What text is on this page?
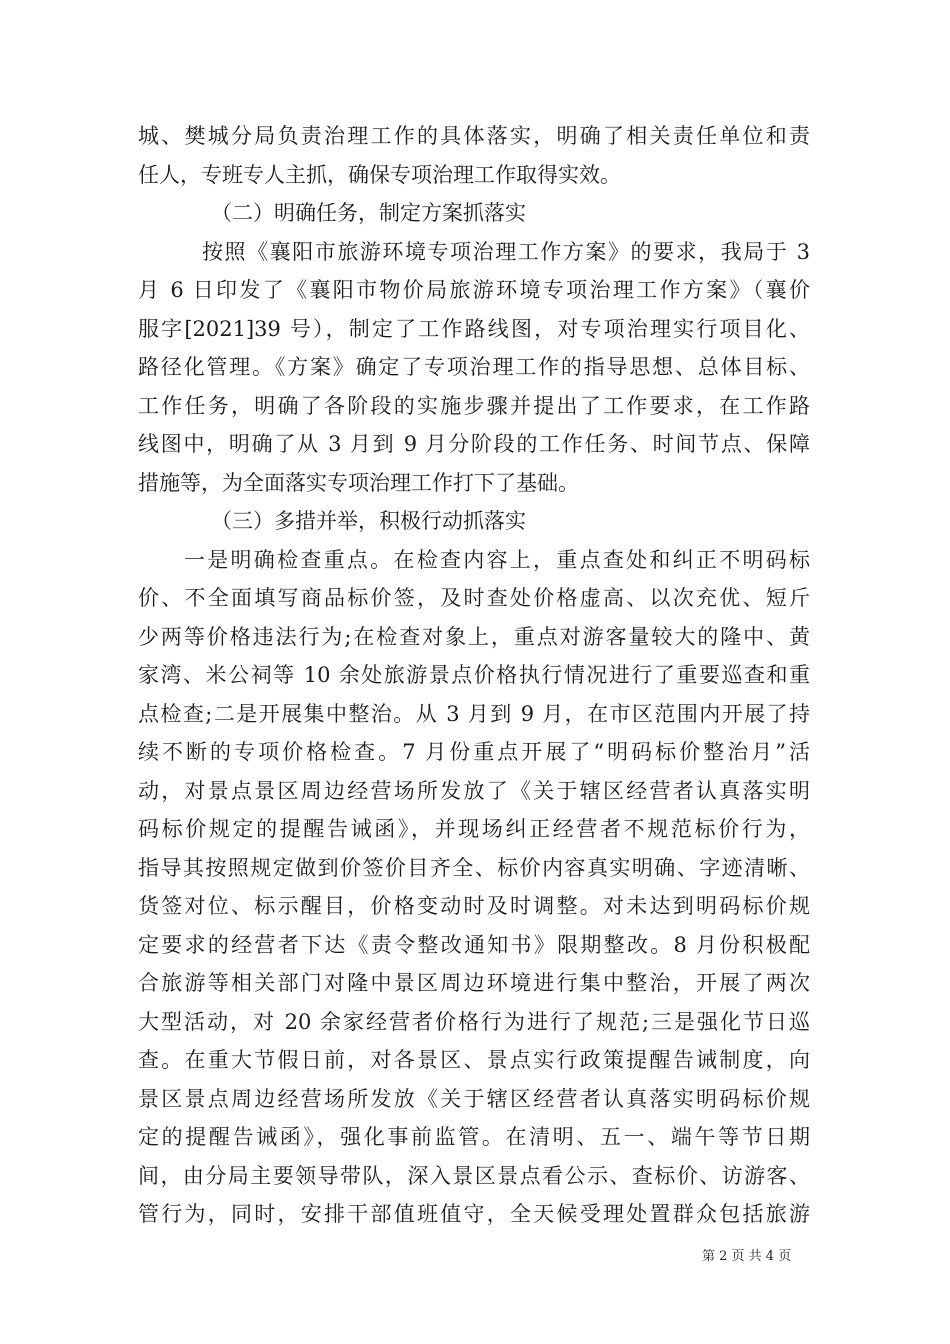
城、樊城分局负责治理工作的具体落实，明确了相关责任单位和责
任人，专班专人主抓，确保专项治理工作取得实效。
（二）明确任务，制定方案抓落实
按照《襄阳市旅游环境专项治理工作方案》的要求，我局于 3
月 6 日印发了《襄阳市物价局旅游环境专项治理工作方案》（襄价
服字[2021]39 号），制定了工作路线图，对专项治理实行项目化、
路径化管理。《方案》确定了专项治理工作的指导思想、总体目标、
工作任务，明确了各阶段的实施步骤并提出了工作要求，在工作路
线图中，明确了从 3 月到 9 月分阶段的工作任务、时间节点、保障
措施等，为全面落实专项治理工作打下了基础。
（三）多措并举，积极行动抓落实
一是明确检查重点。在检查内容上，重点查处和纠正不明码标
价、不全面填写商品标价签，及时查处价格虚高、以次充优、短斤
少两等价格违法行为;在检查对象上，重点对游客量较大的隆中、黄
家湾、米公祠等 10 余处旅游景点价格执行情况进行了重要巡查和重
点检查;二是开展集中整治。从 3 月到 9 月，在市区范围内开展了持
续不断的专项价格检查。7 月份重点开展了“明码标价整治月”活
动，对景点景区周边经营场所发放了《关于辖区经营者认真落实明
码标价规定的提醒告诫函》，并现场纠正经营者不规范标价行为，
指导其按照规定做到价签价目齐全、标价内容真实明确、字迹清晰、
货签对位、标示醒目，价格变动时及时调整。对未达到明码标价规
定要求的经营者下达《责令整改通知书》限期整改。8 月份积极配
合旅游等相关部门对隆中景区周边环境进行集中整治，开展了两次
大型活动，对 20 余家经营者价格行为进行了规范;三是强化节日巡
查。在重大节假日前，对各景区、景点实行政策提醒告诫制度，向
景区景点周边经营场所发放《关于辖区经营者认真落实明码标价规
定的提醒告诫函》，强化事前监管。在清明、五一、端午等节日期
间，由分局主要领导带队，深入景区景点看公示、查标价、访游客、
管行为，同时，安排干部值班值守，全天候受理处置群众包括旅游
第 2 页 共 4 页
